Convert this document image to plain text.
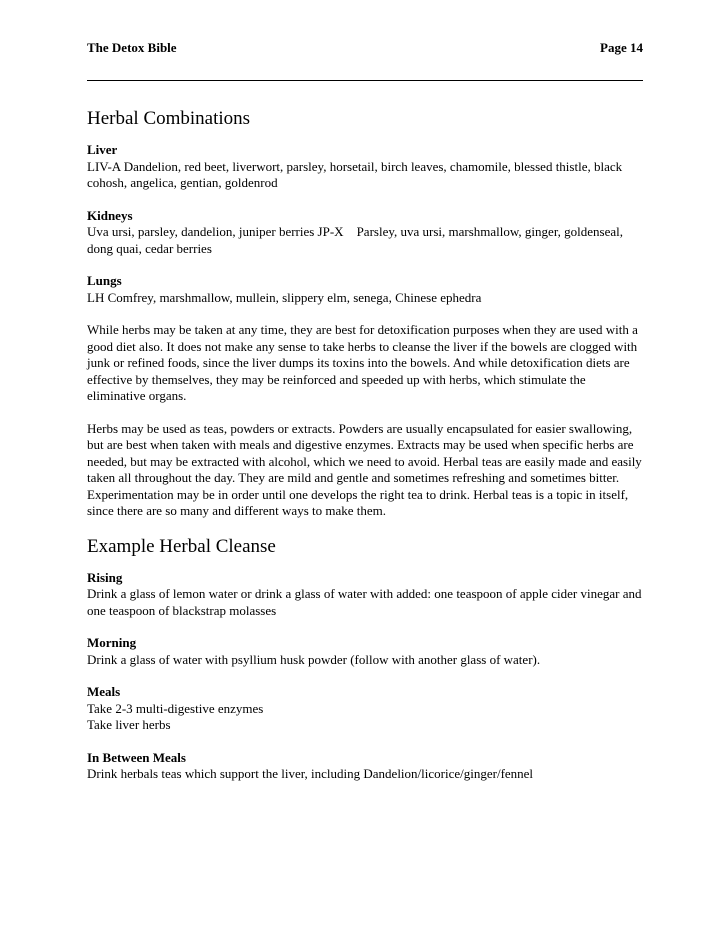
The Detox Bible	Page 14
Herbal Combinations
Liver
LIV-A Dandelion, red beet, liverwort, parsley, horsetail, birch leaves, chamomile, blessed thistle, black cohosh, angelica, gentian, goldenrod
Kidneys
Uva ursi, parsley, dandelion, juniper berries JP-X    Parsley, uva ursi, marshmallow, ginger, goldenseal, dong quai, cedar berries
Lungs
LH Comfrey, marshmallow, mullein, slippery elm, senega, Chinese ephedra

While herbs may be taken at any time, they are best for detoxification purposes when they are used with a good diet also. It does not make any sense to take herbs to cleanse the liver if the bowels are clogged with junk or refined foods, since the liver dumps its toxins into the bowels. And while detoxification diets are effective by themselves, they may be reinforced and speeded up with herbs, which stimulate the eliminative organs.

Herbs may be used as teas, powders or extracts. Powders are usually encapsulated for easier swallowing, but are best when taken with meals and digestive enzymes. Extracts may be used when specific herbs are needed, but may be extracted with alcohol, which we need to avoid. Herbal teas are easily made and easily taken all throughout the day. They are mild and gentle and sometimes refreshing and sometimes bitter. Experimentation may be in order until one develops the right tea to drink. Herbal teas is a topic in itself, since there are so many and different ways to make them.

Example Herbal Cleanse
Rising
Drink a glass of lemon water or drink a glass of water with added: one teaspoon of apple cider vinegar and one teaspoon of blackstrap molasses
Morning
Drink a glass of water with psyllium husk powder (follow with another glass of water).
Meals
Take 2-3 multi-digestive enzymes
Take liver herbs
In Between Meals
Drink herbals teas which support the liver, including Dandelion/licorice/ginger/fennel
